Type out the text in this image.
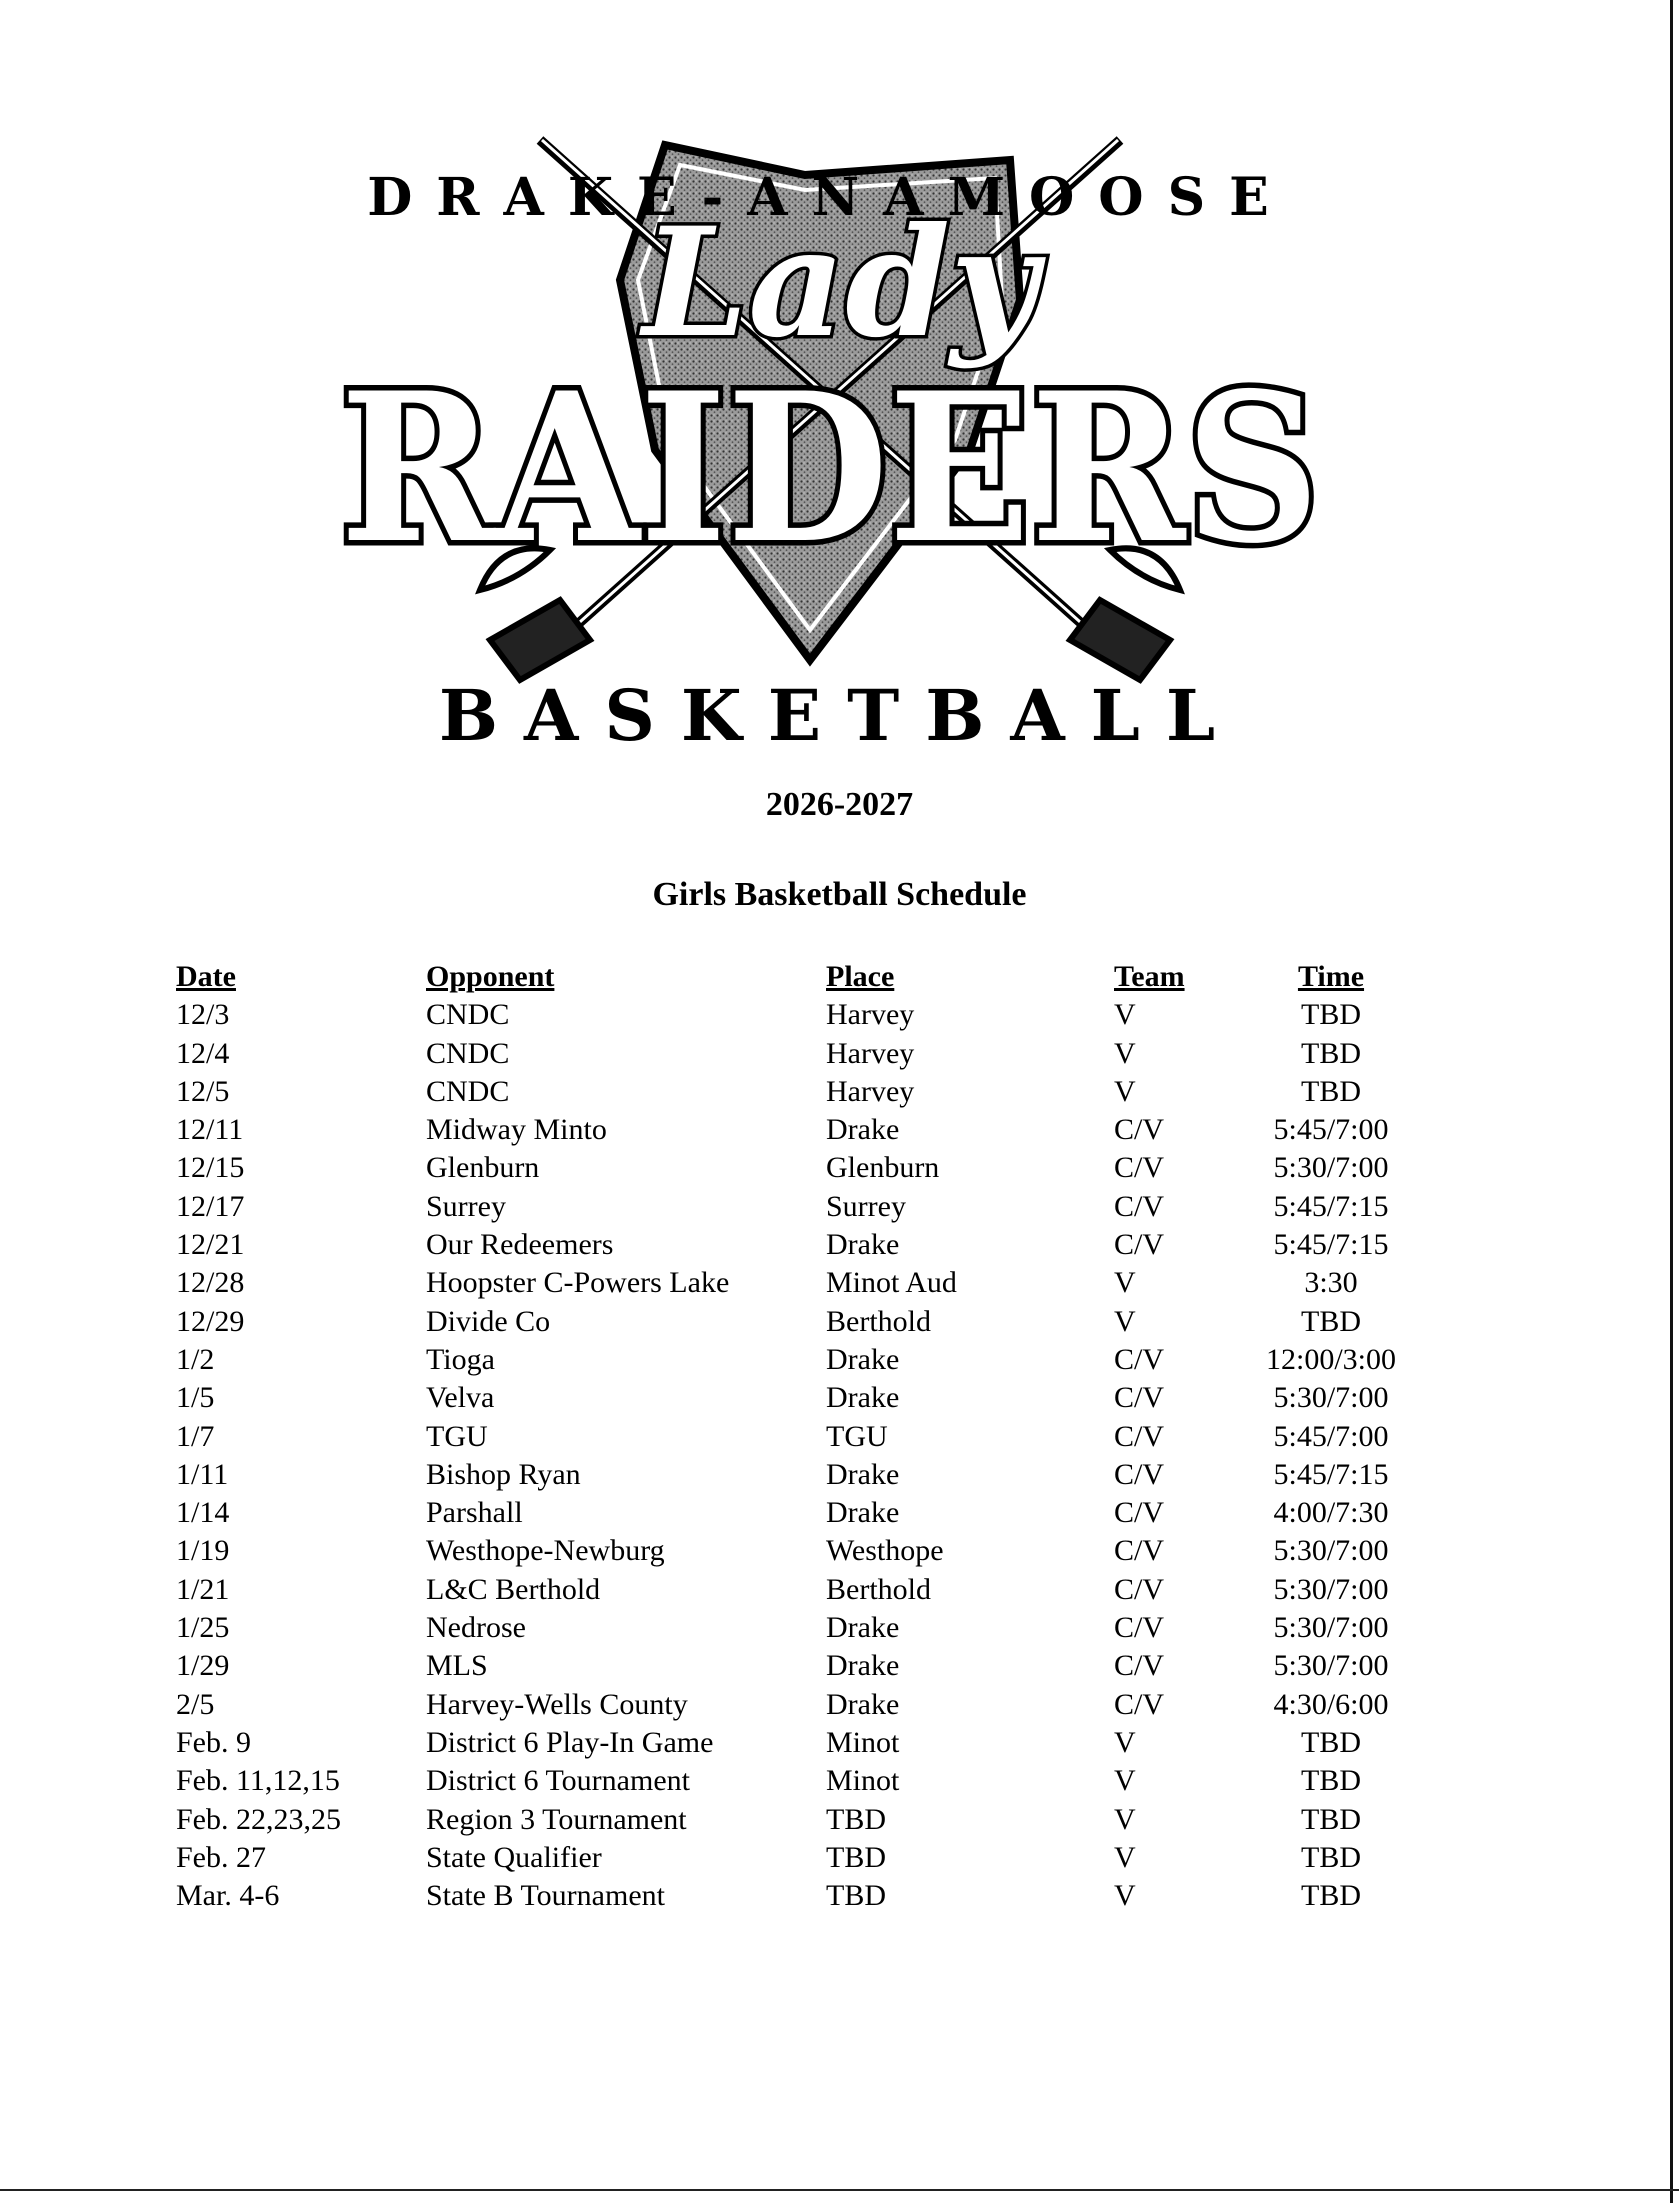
DRAKE-ANAMOOSE
Lady
RAIDERS
BASKETBALL
2026-2027
Girls Basketball Schedule
Date	Opponent	Place	Team	Time
12/3	CNDC	Harvey	V	TBD
12/4	CNDC	Harvey	V	TBD
12/5	CNDC	Harvey	V	TBD
12/11	Midway Minto	Drake	C/V	5:45/7:00
12/15	Glenburn	Glenburn	C/V	5:30/7:00
12/17	Surrey	Surrey	C/V	5:45/7:15
12/21	Our Redeemers	Drake	C/V	5:45/7:15
12/28	Hoopster C-Powers Lake	Minot Aud	V	3:30
12/29	Divide Co	Berthold	V	TBD
1/2	Tioga	Drake	C/V	12:00/3:00
1/5	Velva	Drake	C/V	5:30/7:00
1/7	TGU	TGU	C/V	5:45/7:00
1/11	Bishop Ryan	Drake	C/V	5:45/7:15
1/14	Parshall	Drake	C/V	4:00/7:30
1/19	Westhope-Newburg	Westhope	C/V	5:30/7:00
1/21	L&C Berthold	Berthold	C/V	5:30/7:00
1/25	Nedrose	Drake	C/V	5:30/7:00
1/29	MLS	Drake	C/V	5:30/7:00
2/5	Harvey-Wells County	Drake	C/V	4:30/6:00
Feb. 9	District 6 Play-In Game	Minot	V	TBD
Feb. 11,12,15	District 6 Tournament	Minot	V	TBD
Feb. 22,23,25	Region 3 Tournament	TBD	V	TBD
Feb. 27	State Qualifier	TBD	V	TBD
Mar. 4-6	State B Tournament	TBD	V	TBD
